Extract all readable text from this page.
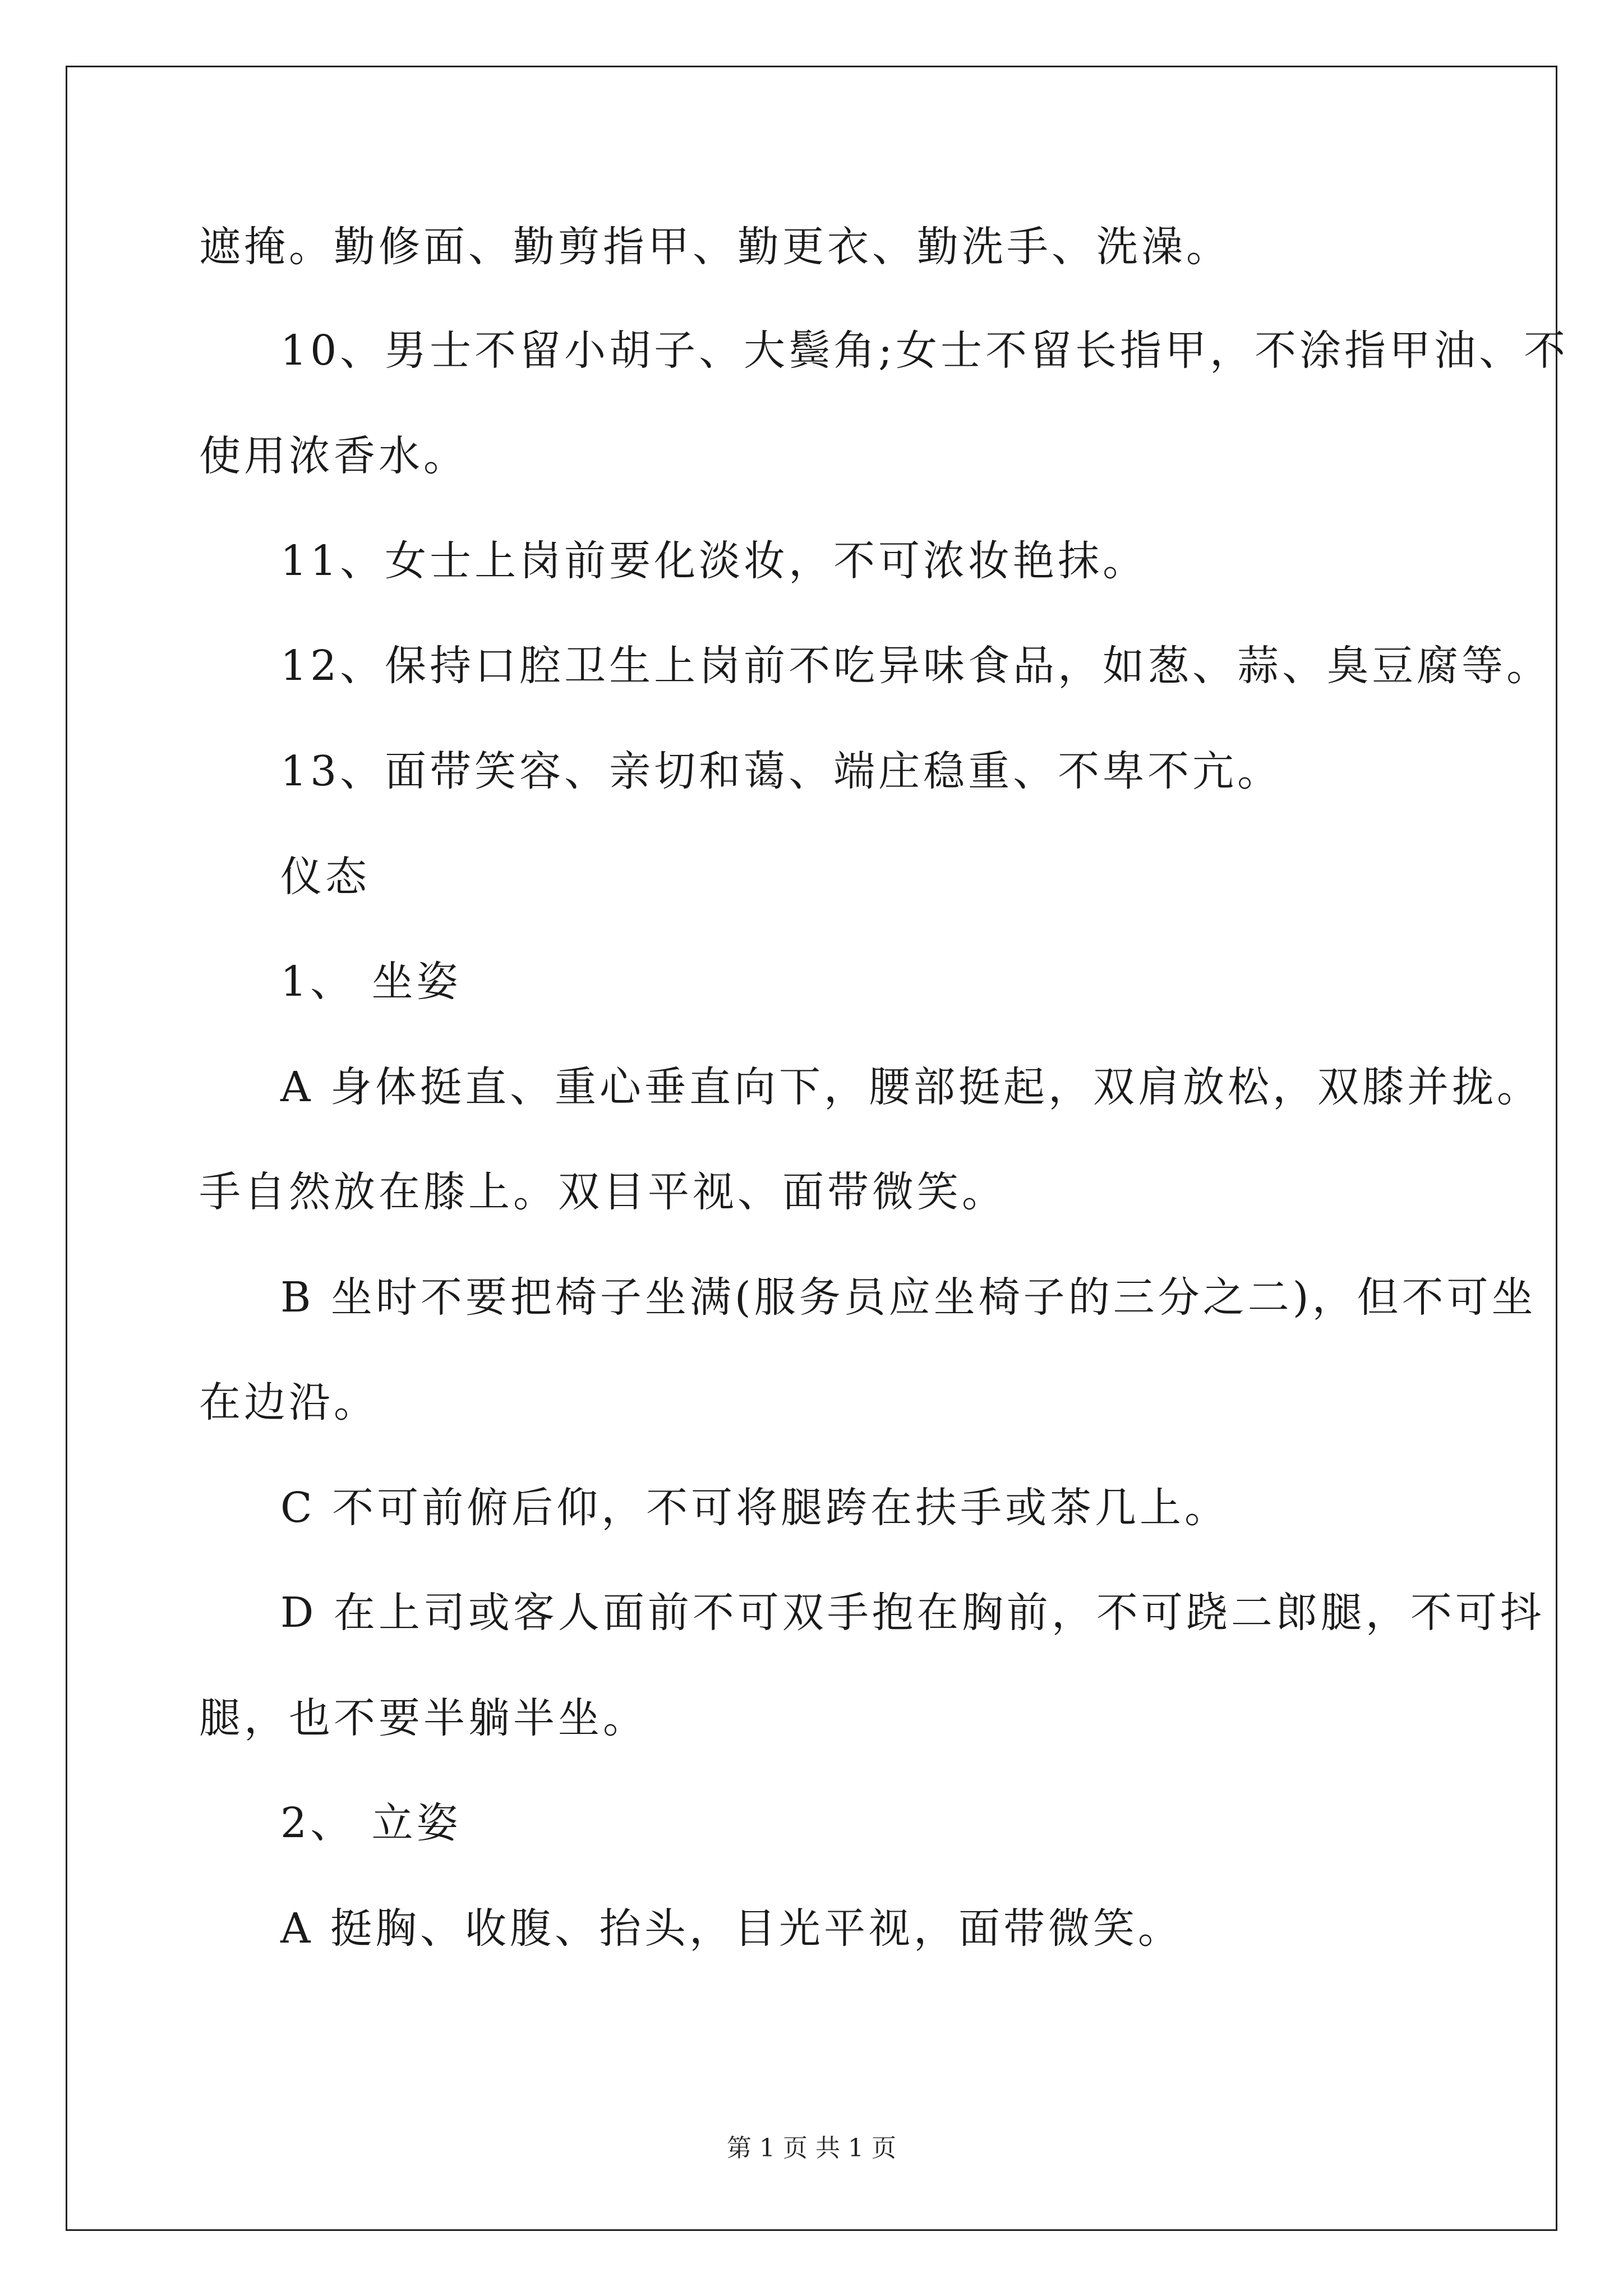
遮掩。勤修面、勤剪指甲、勤更衣、勤洗手、洗澡。
10、男士不留小胡子、大鬓角;女士不留长指甲，不涂指甲油、不
使用浓香水。
11、女士上岗前要化淡妆，不可浓妆艳抹。
12、保持口腔卫生上岗前不吃异味食品，如葱、蒜、臭豆腐等。
13、面带笑容、亲切和蔼、端庄稳重、不卑不亢。
仪态
1、 坐姿
A 身体挺直、重心垂直向下，腰部挺起，双肩放松，双膝并拢。
手自然放在膝上。双目平视、面带微笑。
B 坐时不要把椅子坐满(服务员应坐椅子的三分之二)，但不可坐
在边沿。
C 不可前俯后仰，不可将腿跨在扶手或茶几上。
D 在上司或客人面前不可双手抱在胸前，不可跷二郎腿，不可抖
腿，也不要半躺半坐。
2、 立姿
A 挺胸、收腹、抬头，目光平视，面带微笑。
第 1 页 共 1 页
